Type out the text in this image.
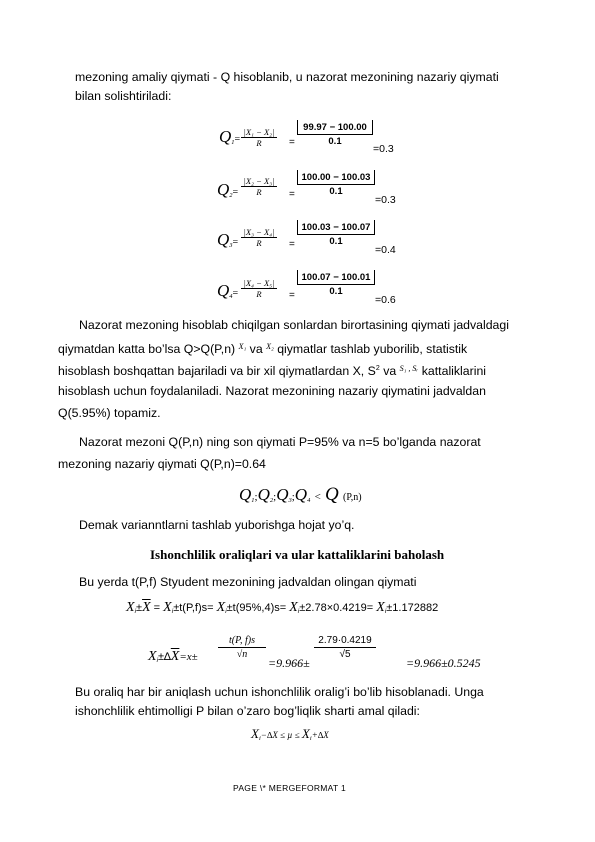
mezoning amaliy qiymati - Q hisoblanib, u nazorat mezonining nazariy qiymati
bilan solishtiriladi:
$Q_1= \frac{\text{|X₁ − X₂|}}{R} = \frac{99.97 - 100.00}{0.1}$
=0.3
$Q_2= \frac{\text{|X₂ − X₃|}}{R} = \frac{100.00 - 100.03}{0.1}$
=0.3
$Q_3= \frac{\text{|X₃ − X₄|}}{R} = \frac{100.03 - 100.07}{0.1}$
=0.4
$Q_4= \frac{\text{|X₄ − X₅|}}{R} = \frac{100.07 - 100.01}{0.1}$
=0.6
Nazorat mezoning hisoblab chiqilgan sonlardan birortasining qiymati jadvaldagi
qiymatdan katta bo’lsa Q>Q(P,n) $^{X_1}$ va $^{X_2}$ qiymatlar tashlab yuborilib, statistik
hisoblash boshqattan bajariladi va bir xil qiymatlardan X, $S^2$ va $^{S_1 , Sᵣ}$ kattaliklarini
hisoblash uchun foydalaniladi. Nazorat mezonining nazariy qiymatini jadvaldan
Q(5.95%) topamiz.
Nazorat mezoni Q(P,n) ning son qiymati P=95% va n=5 bo’lganda nazorat
mezoning nazariy qiymati Q(P,n)=0.64
$Q_1;Q_2;Q_3;Q_4 < Q$ (P,n)
Demak varianntlarni tashlab yuborishga hojat yo’q.
Ishonchlilik oraliqlari va ular kattaliklarini baholash
Bu yerda t(P,f) Styudent mezonining jadvaldan olingan qiymati
$X_i\pm\overline{X} = X_i\pm t(P,f)s= X_i\pm t(95\%,4)s= X_i\pm 2.78\times 0.4219= X_i\pm 1.172882$
$X_i\pm\Delta\overline{X}=x\pm \frac{t(P, f)s}{√n}$
=9.966±
$\frac{2.79\cdot 0.4219}{√5}$
=9.966±0.5245
Bu oraliq har bir aniqlash uchun ishonchlilik oralig’i bo’lib hisoblanadi. Unga
ishonchlilik ehtimolligi P bilan o’zaro bog’liqlik sharti amal qiladi:
$X_i-\Delta X \le \mu \le X_i+\Delta X$
PAGE \* MERGEFORMAT 1
